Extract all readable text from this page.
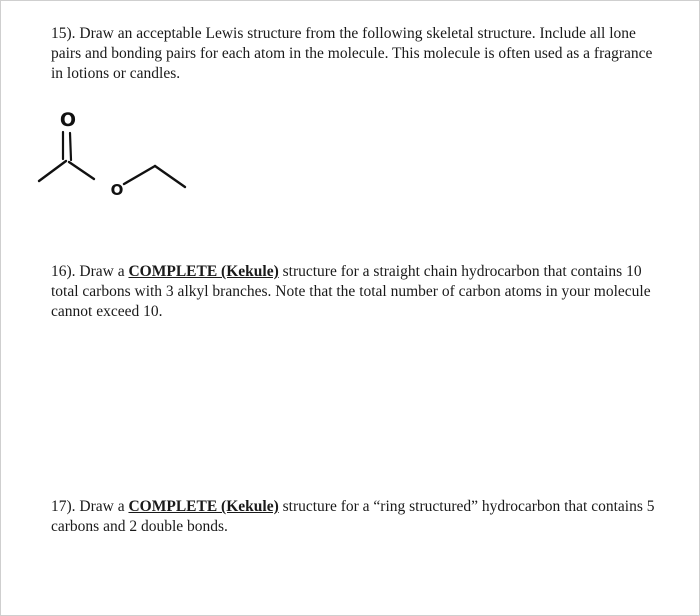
15). Draw an acceptable Lewis structure from the following skeletal structure. Include all lone pairs and bonding pairs for each atom in the molecule. This molecule is often used as a fragrance in lotions or candles.
O
O
16). Draw a COMPLETE (Kekule) structure for a straight chain hydrocarbon that contains 10 total carbons with 3 alkyl branches. Note that the total number of carbon atoms in your molecule cannot exceed 10.
17). Draw a COMPLETE (Kekule) structure for a “ring structured” hydrocarbon that contains 5 carbons and 2 double bonds.
